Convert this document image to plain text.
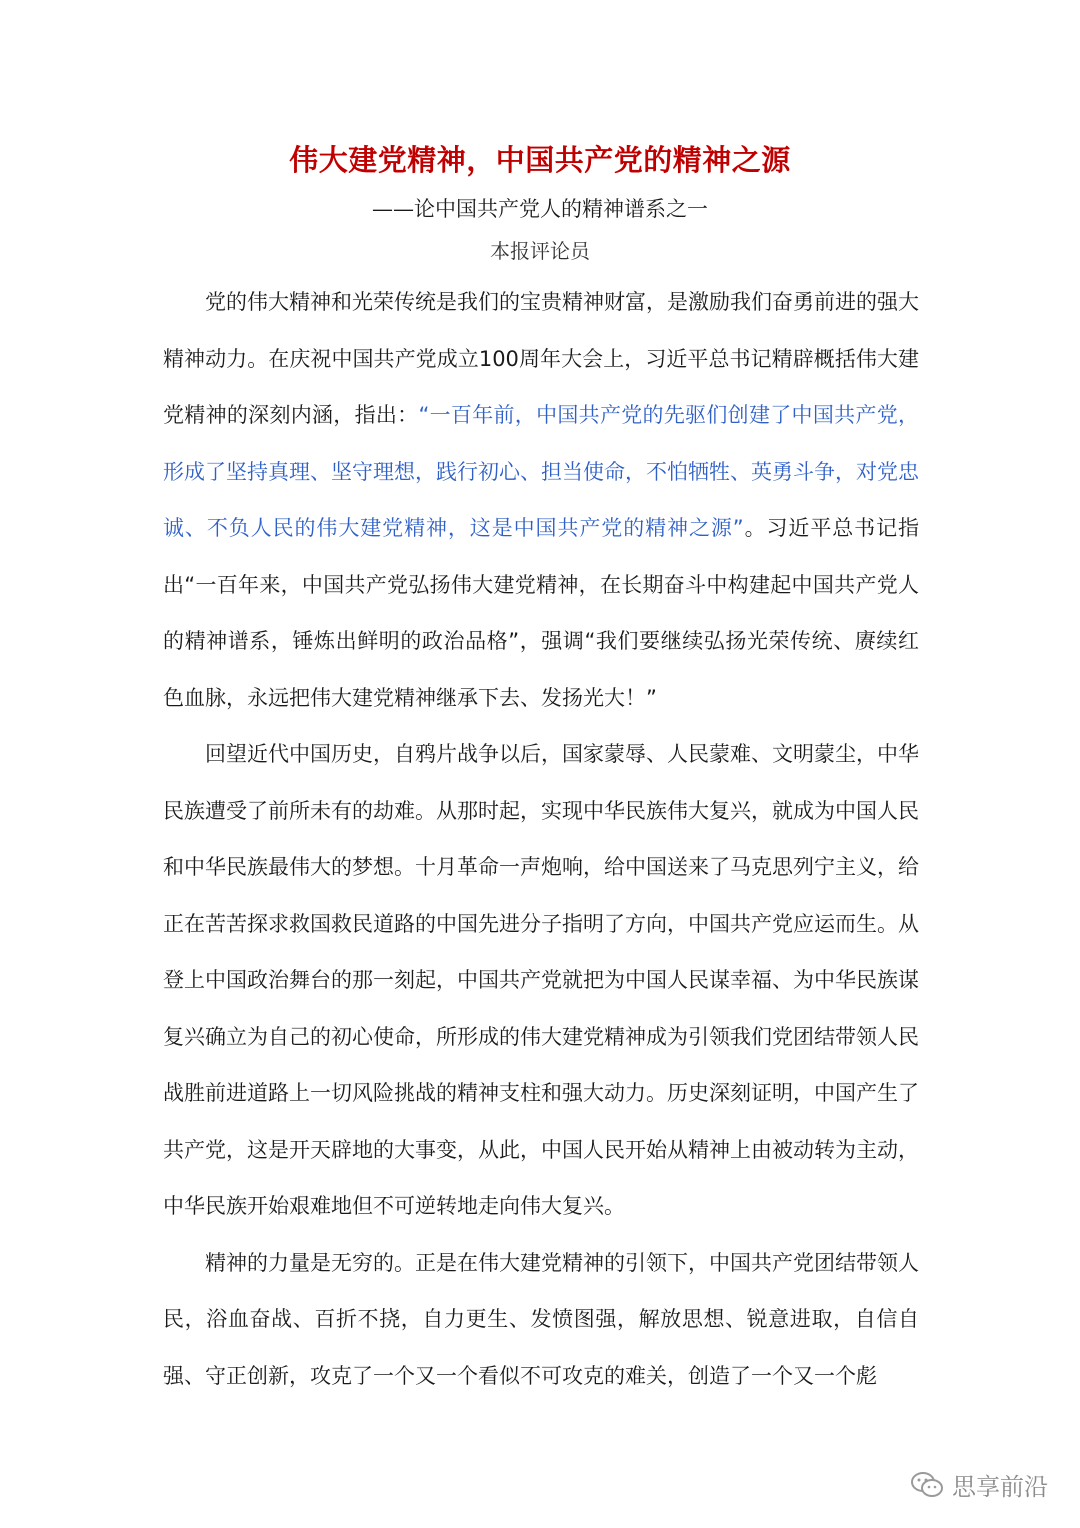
伟大建党精神，中国共产党的精神之源
——论中国共产党人的精神谱系之一
本报评论员

党的伟大精神和光荣传统是我们的宝贵精神财富，是激励我们奋勇前进的强大精神动力。在庆祝中国共产党成立100周年大会上，习近平总书记精辟概括伟大建党精神的深刻内涵，指出：“一百年前，中国共产党的先驱们创建了中国共产党，形成了坚持真理、坚守理想，践行初心、担当使命，不怕牺牲、英勇斗争，对党忠诚、不负人民的伟大建党精神，这是中国共产党的精神之源”。习近平总书记指出“一百年来，中国共产党弘扬伟大建党精神，在长期奋斗中构建起中国共产党人的精神谱系，锤炼出鲜明的政治品格”，强调“我们要继续弘扬光荣传统、赓续红色血脉，永远把伟大建党精神继承下去、发扬光大！”

回望近代中国历史，自鸦片战争以后，国家蒙辱、人民蒙难、文明蒙尘，中华民族遭受了前所未有的劫难。从那时起，实现中华民族伟大复兴，就成为中国人民和中华民族最伟大的梦想。十月革命一声炮响，给中国送来了马克思列宁主义，给正在苦苦探求救国救民道路的中国先进分子指明了方向，中国共产党应运而生。从登上中国政治舞台的那一刻起，中国共产党就把为中国人民谋幸福、为中华民族谋复兴确立为自己的初心使命，所形成的伟大建党精神成为引领我们党团结带领人民战胜前进道路上一切风险挑战的精神支柱和强大动力。历史深刻证明，中国产生了共产党，这是开天辟地的大事变，从此，中国人民开始从精神上由被动转为主动，中华民族开始艰难地但不可逆转地走向伟大复兴。

精神的力量是无穷的。正是在伟大建党精神的引领下，中国共产党团结带领人民，浴血奋战、百折不挠，自力更生、发愤图强，解放思想、锐意进取，自信自强、守正创新，攻克了一个又一个看似不可攻克的难关，创造了一个又一个彪

思享前沿
